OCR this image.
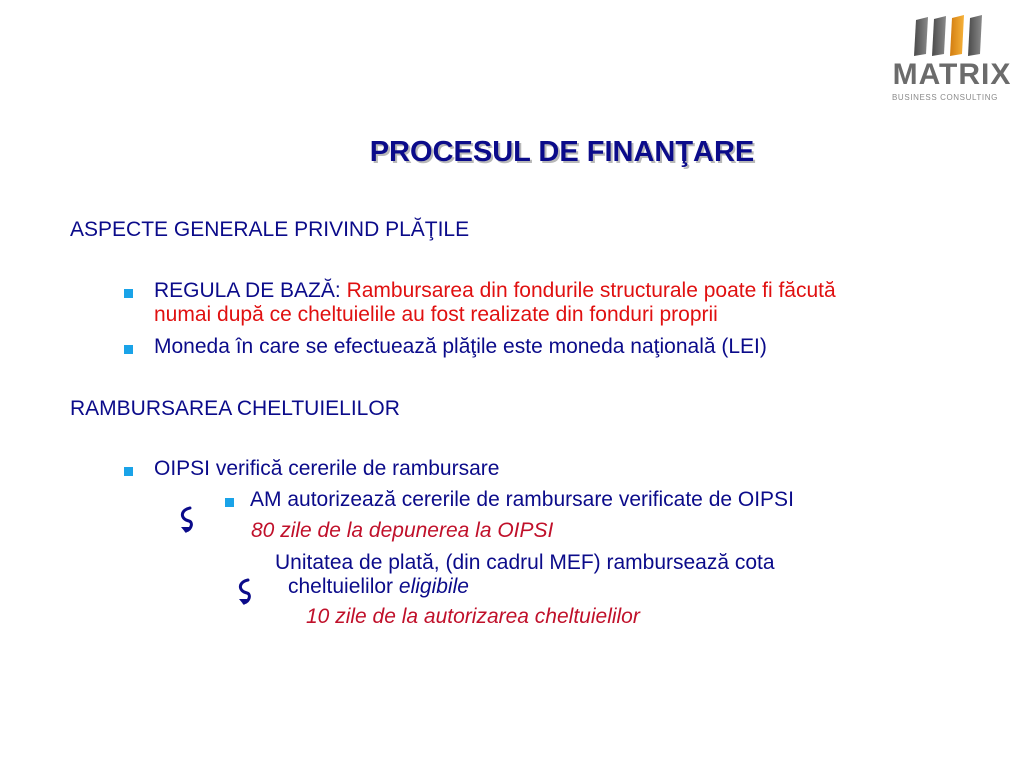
MATRIX
BUSINESS CONSULTING
PROCESUL DE FINANŢARE
ASPECTE GENERALE PRIVIND PLĂŢILE
REGULA DE BAZĂ: Rambursarea din fondurile structurale poate fi făcută
numai după ce cheltuielile au fost realizate din fonduri proprii
Moneda în care se efectuează plăţile este moneda naţională (LEI)
RAMBURSAREA CHELTUIELILOR
OIPSI verifică cererile de rambursare
AM autorizează cererile de rambursare verificate de OIPSI
80 zile de la depunerea la OIPSI
Unitatea de plată, (din cadrul MEF) rambursează cota
cheltuielilor eligibile
10 zile de la autorizarea cheltuielilor
